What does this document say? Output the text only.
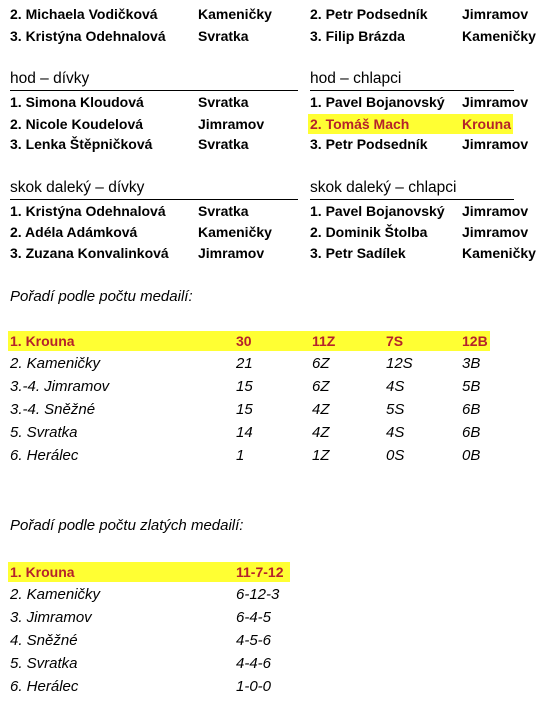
2. Michaela Vodičková	Kameničky	2. Petr Podsedník Jimramov
3. Kristýna Odehnalová Svratka	3. Filip Brázda	Kameničky
hod – dívky	hod – chlapci
1. Simona Kloudová	Svratka	1. Pavel Bojanovský Jimramov
2. Nicole Koudelová	Jimramov	2. Tomáš Mach	Krouna
3. Lenka Štěpničková	Svratka	3. Petr Podsedník Jimramov
skok daleký – dívky	skok daleký – chlapci
1. Kristýna Odehnalová Svratka	1. Pavel Bojanovský Jimramov
2. Adéla Adámková	Kameničky	2. Dominik Štolba Jimramov
3. Zuzana Konvalinková Jimramov	3. Petr Sadílek	Kameničky
Pořadí podle počtu medailí:
1. Krouna	30	11Z	7S	12B
2. Kameničky	21	6Z	12S	3B
3.-4. Jimramov	15	6Z	4S	5B
3.-4. Sněžné	15	4Z	5S	6B
5. Svratka	14	4Z	4S	6B
6. Herálec	1	1Z	0S	0B
Pořadí podle počtu zlatých medailí:
1. Krouna	11-7-12
2. Kameničky	6-12-3
3. Jimramov	6-4-5
4. Sněžné	4-5-6
5. Svratka	4-4-6
6. Herálec	1-0-0
